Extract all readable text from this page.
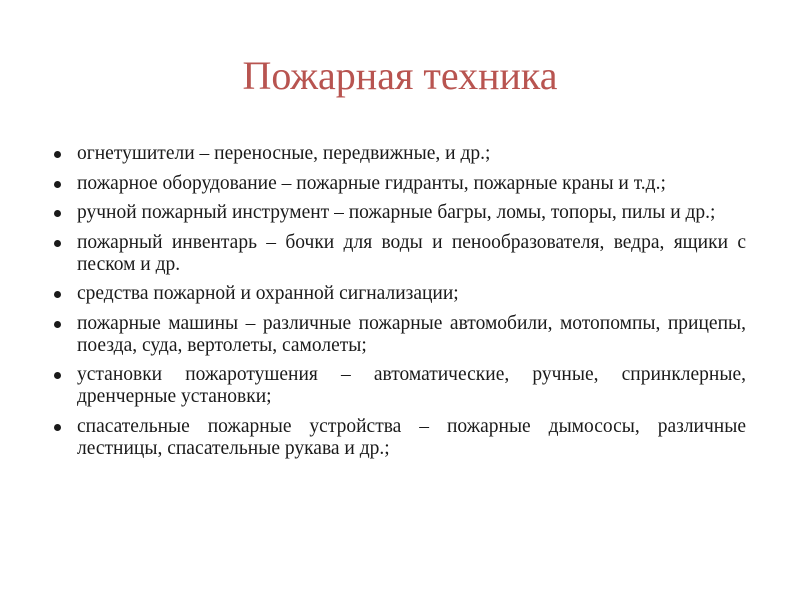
Пожарная техника
огнетушители – переносные, передвижные, и др.;
пожарное оборудование – пожарные гидранты, пожарные краны и т.д.;
ручной пожарный инструмент – пожарные багры, ломы, топоры, пилы и др.;
пожарный инвентарь – бочки для воды и пенообразователя, ведра, ящики с песком и др.
средства пожарной и охранной сигнализации;
пожарные машины – различные пожарные автомобили, мотопомпы, прицепы, поезда, суда, вертолеты, самолеты;
установки пожаротушения – автоматические, ручные, спринклерные, дренчерные установки;
спасательные пожарные устройства – пожарные дымососы, различные лестницы, спасательные рукава и др.;
